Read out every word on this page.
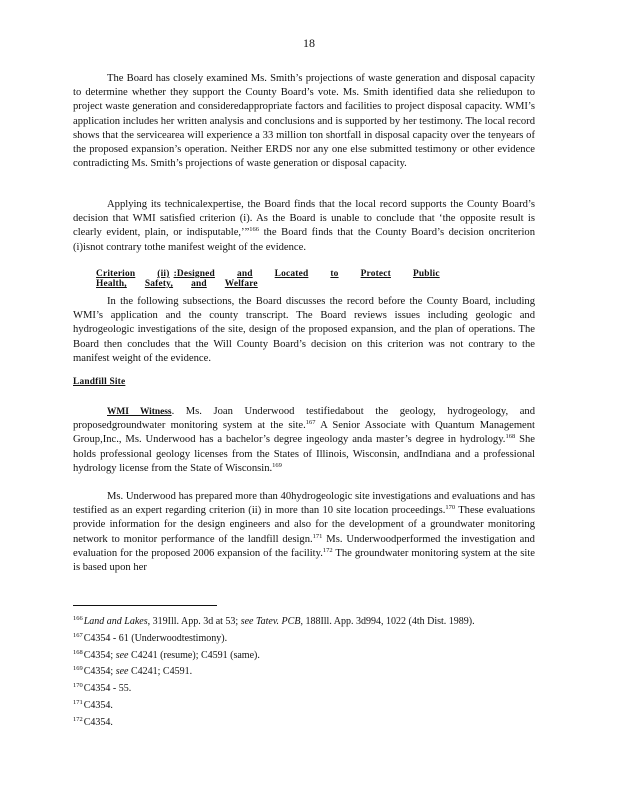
18

The Board has closely examined Ms. Smith’s projections of waste generation and disposal capacity to determine whether they support the County Board’s vote. Ms. Smith identified data she reliedupon to project waste generation and consideredappropriate factors and facilities to project disposal capacity. WMI’s application includes her written analysis and conclusions and is supported by her testimony. The local record shows that the servicearea will experience a 33 million ton shortfall in disposal capacity over the tenyears of the proposed expansion’s operation. Neither ERDS nor any one else submitted testimony or other evidence contradicting Ms. Smith’s projections of waste generation or disposal capacity.

Applying its technicalexpertise, the Board finds that the local record supports the County Board’s decision that WMI satisfied criterion (i). As the Board is unable to conclude that ‘the opposite result is clearly evident, plain, or indisputable,’”$^{166}$ the Board finds that the County Board’s decision oncriterion (i)isnot contrary tothe manifest weight of the evidence.

Criterion (ii) :Designed and Located to Protect PublicHealth, Safety, and Welfare

In the following subsections, the Board discusses the record before the County Board, including WMI’s application and the county transcript. The Board reviews issues including geologic and hydrogeologic investigations of the site, design of the proposed expansion, and the plan of operations. The Board then concludes that the Will County Board’s decision on this criterion was not contrary to the manifest weight of the evidence.

Landfill Site

WMI Witness. Ms. Joan Underwood testifiedabout the geology, hydrogeology, and proposedgroundwater monitoring system at the site.$^{167}$ A Senior Associate with Quantum Management Group,Inc., Ms. Underwood has a bachelor’s degree ingeology anda master’s degree in hydrology.$^{168}$ She holds professional geology licenses from the States of Illinois, Wisconsin, andIndiana and a professional hydrology license from the State of Wisconsin.$^{169}$

Ms. Underwood has prepared more than 40hydrogeologic site investigations and evaluations and has testified as an expert regarding criterion (ii) in more than 10 site location proceedings.$^{170}$ These evaluations provide information for the design engineers and also for the development of a groundwater monitoring network to monitor performance of the landfill design.$^{171}$ Ms. Underwoodperformed the investigation and evaluation for the proposed 2006 expansion of the facility.$^{172}$ The groundwater monitoring system at the site is based upon her

$^{166}$Land and Lakes, 319Ill. App. 3d at 53; see Tatev. PCB, 188Ill. App. 3d994, 1022 (4th Dist. 1989).

$^{167}$C4354 - 61 (Underwoodtestimony).

$^{168}$C4354; see C4241 (resume); C4591 (same).

$^{169}$C4354; see C4241; C4591.

$^{170}$C4354 - 55.

$^{171}$C4354.

$^{172}$C4354.
